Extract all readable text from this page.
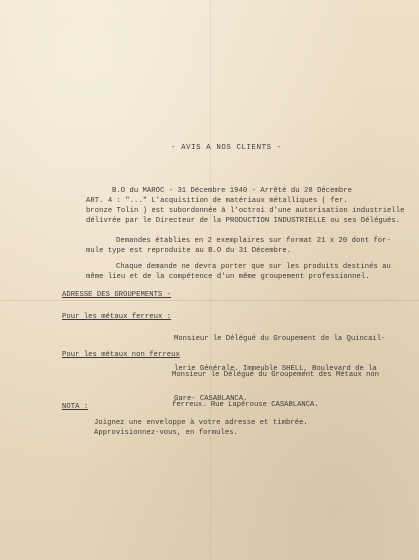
- AVIS A NOS CLIENTS -
B.O du MAROC - 31 Décembre 1940 - Arrêté du 28 Décembre
ART. 4 : "..." L'acquisition de matériaux métalliques ( fer.
bronze Tolin ) est subordonnée à l'octroi d'une autorisation industrielle
délivrée par le Directeur de la PRODUCTION INDUSTRIELLE ou ses Délégués.
Demandes établies en 2 exemplaires sur format 21 x 20 dont for-
mule type est reproduite au B.O du 31 Décembre.
Chaque demande ne devra porter que sur les produits destinés au
même lieu et de la compétence d'un même groupement professionnel.
ADRESSE DES GROUPEMENTS -
Pour les métaux ferreux :

Monsieur le Délégué du Groupement de la Quincail-

lerie Générale. Immeuble SHELL, Boulevard de la

Gare- CASABLANCA.

Pour les métaux non ferreux

Monsieur le Délégué du Groupement des Métaux non

ferreux. Rue Lapérouse CASABLANCA.

NOTA :
Joignez une enveloppe à votre adresse et timbrée.
Approvisionnez-vous, en formules.
